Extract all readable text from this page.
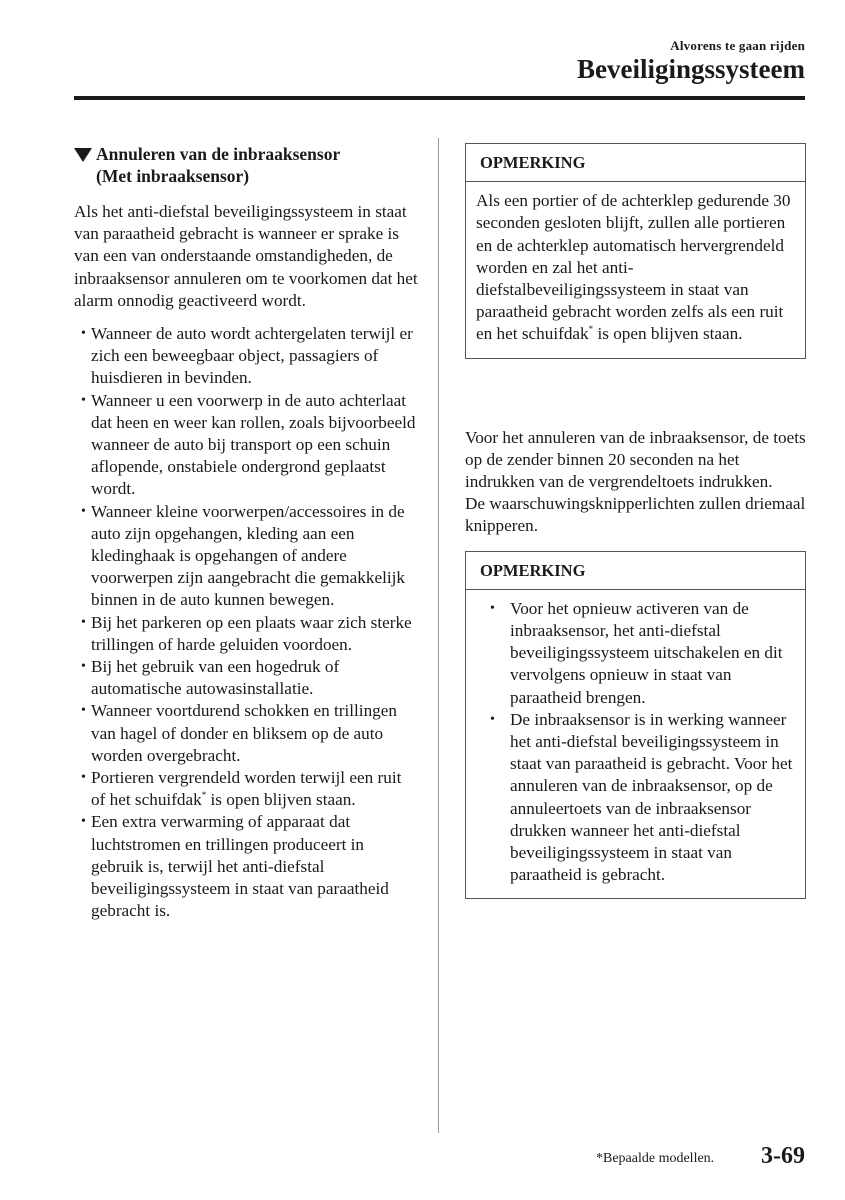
Alvorens te gaan rijden
Beveiligingssysteem
Annuleren van de inbraaksensor
(Met inbraaksensor)

Als het anti-diefstal beveiligingssysteem in staat van paraatheid gebracht is wanneer er sprake is van een van onderstaande omstandigheden, de inbraaksensor annuleren om te voorkomen dat het alarm onnodig geactiveerd wordt.

• Wanneer de auto wordt achtergelaten terwijl er zich een beweegbaar object, passagiers of huisdieren in bevinden.
• Wanneer u een voorwerp in de auto achterlaat dat heen en weer kan rollen, zoals bijvoorbeeld wanneer de auto bij transport op een schuin aflopende, onstabiele ondergrond geplaatst wordt.
• Wanneer kleine voorwerpen/accessoires in de auto zijn opgehangen, kleding aan een kledinghaak is opgehangen of andere voorwerpen zijn aangebracht die gemakkelijk binnen in de auto kunnen bewegen.
• Bij het parkeren op een plaats waar zich sterke trillingen of harde geluiden voordoen.
• Bij het gebruik van een hogedruk of automatische autowasinstallatie.
• Wanneer voortdurend schokken en trillingen van hagel of donder en bliksem op de auto worden overgebracht.
• Portieren vergrendeld worden terwijl een ruit of het schuifdak* is open blijven staan.
• Een extra verwarming of apparaat dat luchtstromen en trillingen produceert in gebruik is, terwijl het anti-diefstal beveiligingssysteem in staat van paraatheid gebracht is.
OPMERKING
Als een portier of de achterklep gedurende 30 seconden gesloten blijft, zullen alle portieren en de achterklep automatisch hervergrendeld worden en zal het anti-diefstalbeveiligingssysteem in staat van paraatheid gebracht worden zelfs als een ruit en het schuifdak* is open blijven staan.

Voor het annuleren van de inbraaksensor, de toets op de zender binnen 20 seconden na het indrukken van de vergrendeltoets indrukken.

De waarschuwingsknipperlichten zullen driemaal knipperen.

OPMERKING
• Voor het opnieuw activeren van de inbraaksensor, het anti-diefstal beveiligingssysteem uitschakelen en dit vervolgens opnieuw in staat van paraatheid brengen.
• De inbraaksensor is in werking wanneer het anti-diefstal beveiligingssysteem in staat van paraatheid is gebracht. Voor het annuleren van de inbraaksensor, op de annuleertoets van de inbraaksensor drukken wanneer het anti-diefstal beveiligingssysteem in staat van paraatheid is gebracht.
*Bepaalde modellen. 3-69
